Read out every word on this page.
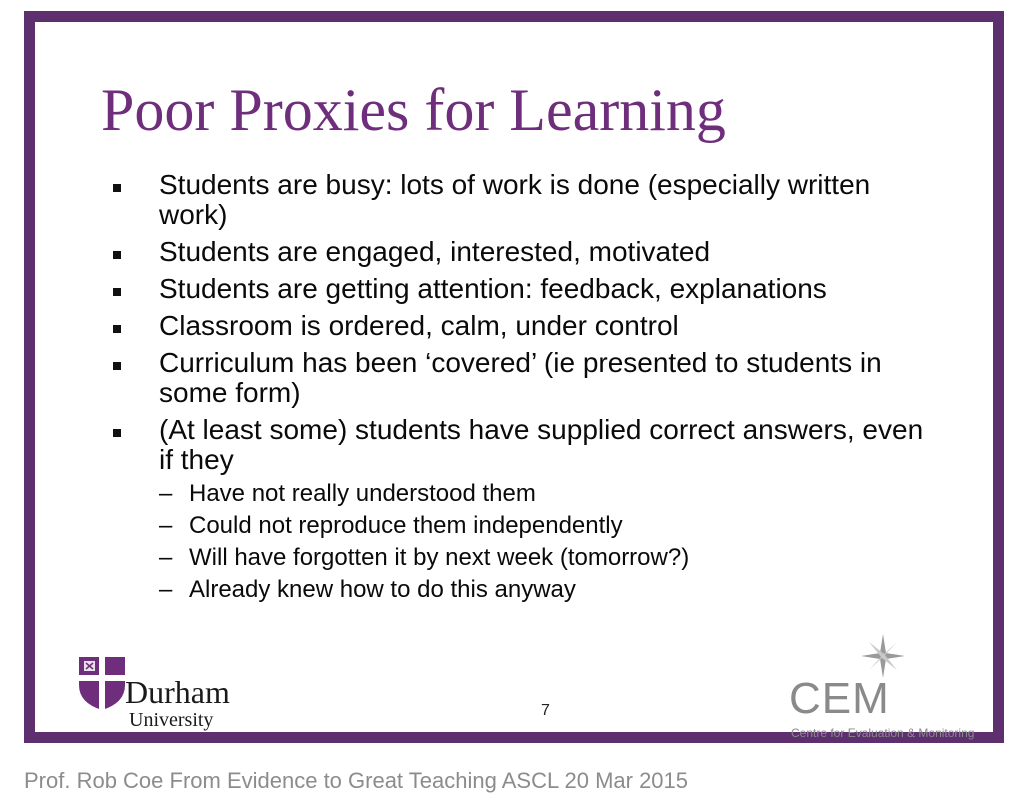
Poor Proxies for Learning
Students are busy: lots of work is done (especially written work)
Students are engaged, interested, motivated
Students are getting attention: feedback, explanations
Classroom is ordered, calm, under control
Curriculum has been ‘covered’ (ie presented to students in some form)
(At least some) students have supplied correct answers, even if they
– Have not really understood them
– Could not reproduce them independently
– Will have forgotten it by next week (tomorrow?)
– Already knew how to do this anyway
Durham
University	7	CEM
Centre for Evaluation & Monitoring
Prof. Rob Coe From Evidence to Great Teaching ASCL 20 Mar 2015
